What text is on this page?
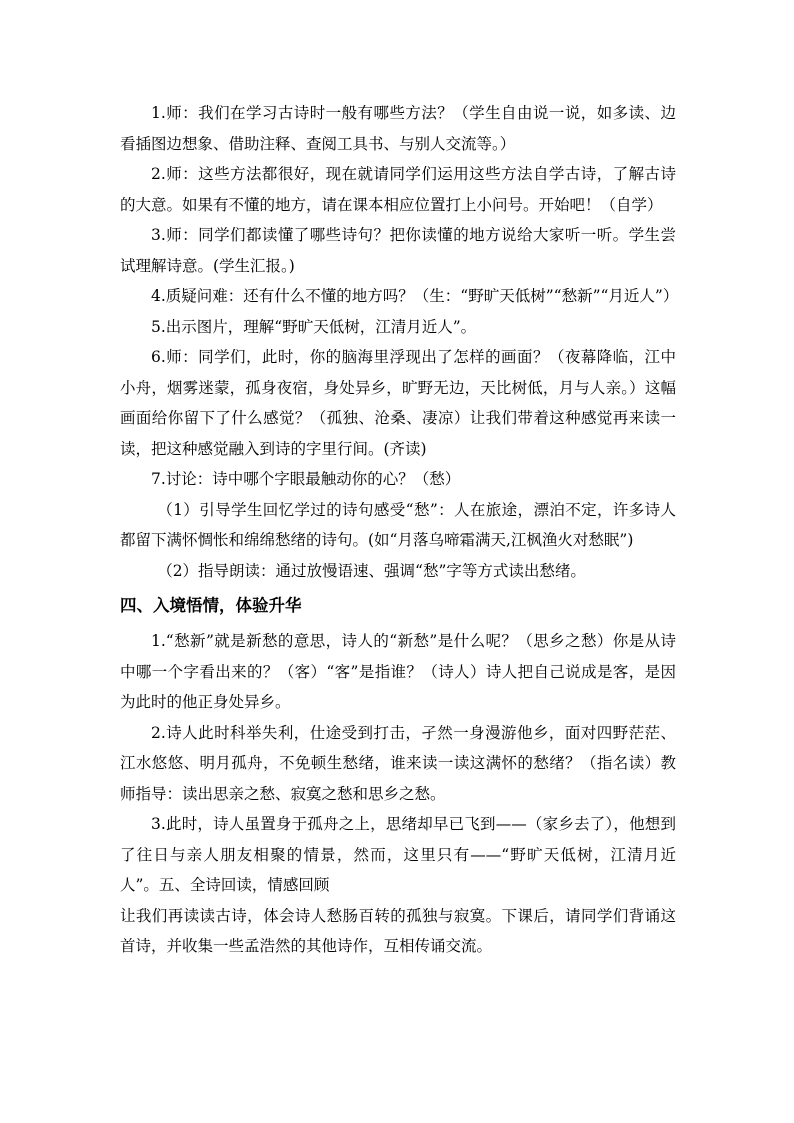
1.师：我们在学习古诗时一般有哪些方法？（学生自由说一说，如多读、边看插图边想象、借助注释、查阅工具书、与别人交流等。）

2.师：这些方法都很好，现在就请同学们运用这些方法自学古诗，了解古诗的大意。如果有不懂的地方，请在课本相应位置打上小问号。开始吧！（自学）

3.师：同学们都读懂了哪些诗句？把你读懂的地方说给大家听一听。学生尝试理解诗意。(学生汇报。)

4.质疑问难：还有什么不懂的地方吗？（生：“野旷天低树”“愁新”“月近人”）

5.出示图片，理解“野旷天低树，江清月近人”。

6.师：同学们，此时，你的脑海里浮现出了怎样的画面？（夜幕降临，江中小舟，烟雾迷蒙，孤身夜宿，身处异乡，旷野无边，天比树低，月与人亲。）这幅画面给你留下了什么感觉？（孤独、沧桑、凄凉）让我们带着这种感觉再来读一读，把这种感觉融入到诗的字里行间。(齐读)

7.讨论：诗中哪个字眼最触动你的心？（愁）

（1）引导学生回忆学过的诗句感受“愁”：人在旅途，漂泊不定，许多诗人都留下满怀惆怅和绵绵愁绪的诗句。(如“月落乌啼霜满天,江枫渔火对愁眠”)

（2）指导朗读：通过放慢语速、强调“愁”字等方式读出愁绪。

四、入境悟情，体验升华

1.“愁新”就是新愁的意思，诗人的“新愁”是什么呢？（思乡之愁）你是从诗中哪一个字看出来的？（客）“客”是指谁？（诗人）诗人把自己说成是客，是因为此时的他正身处异乡。

2.诗人此时科举失利，仕途受到打击，孑然一身漫游他乡，面对四野茫茫、江水悠悠、明月孤舟，不免顿生愁绪，谁来读一读这满怀的愁绪？（指名读）教师指导：读出思亲之愁、寂寞之愁和思乡之愁。

3.此时，诗人虽置身于孤舟之上，思绪却早已飞到——（家乡去了），他想到了往日与亲人朋友相聚的情景，然而，这里只有——“野旷天低树，江清月近人”。五、全诗回读，情感回顾

让我们再读读古诗，体会诗人愁肠百转的孤独与寂寞。下课后，请同学们背诵这首诗，并收集一些孟浩然的其他诗作，互相传诵交流。
